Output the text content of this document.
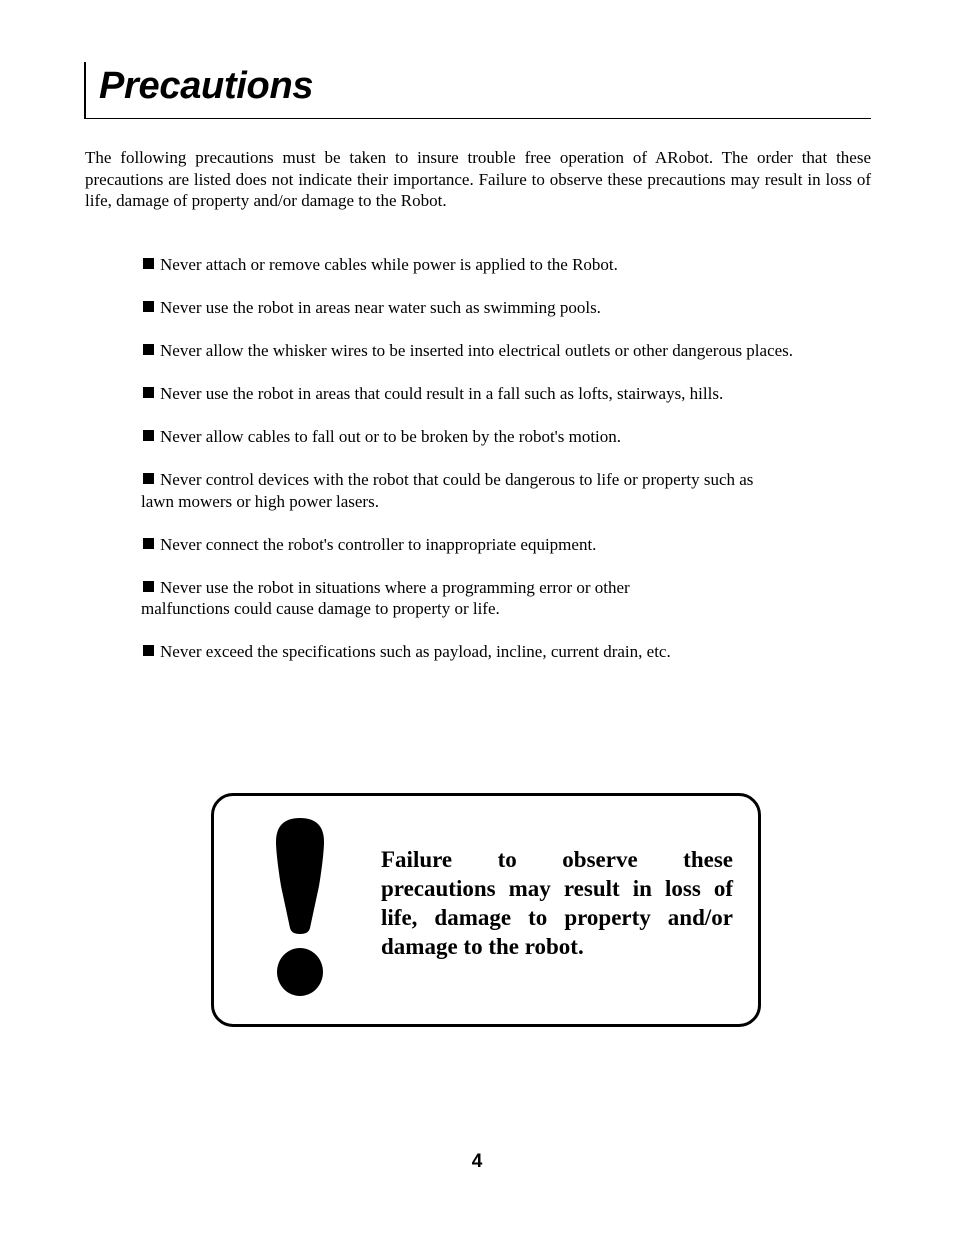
Precautions

The following precautions must be taken to insure trouble free operation of ARobot. The order that these precautions are listed does not indicate their importance. Failure to observe these precautions may result in loss of life, damage of property and/or damage to the Robot.

Never attach or remove cables while power is applied to the Robot.
Never use the robot in areas near water such as swimming pools.
Never allow the whisker wires to be inserted into electrical outlets or other dangerous places.
Never use the robot in areas that could result in a fall such as lofts, stairways, hills.
Never allow cables to fall out or to be broken by the robot's motion.
Never control devices with the robot that could be dangerous to life or property such as
lawn mowers or high power lasers.
Never connect the robot's controller to inappropriate equipment.
Never use the robot in situations where a programming error or other
malfunctions could cause damage to property or life.
Never exceed the specifications such as payload, incline, current drain, etc.

Failure to observe these precautions may result in loss of life, damage to property and/or damage to the robot.

4
